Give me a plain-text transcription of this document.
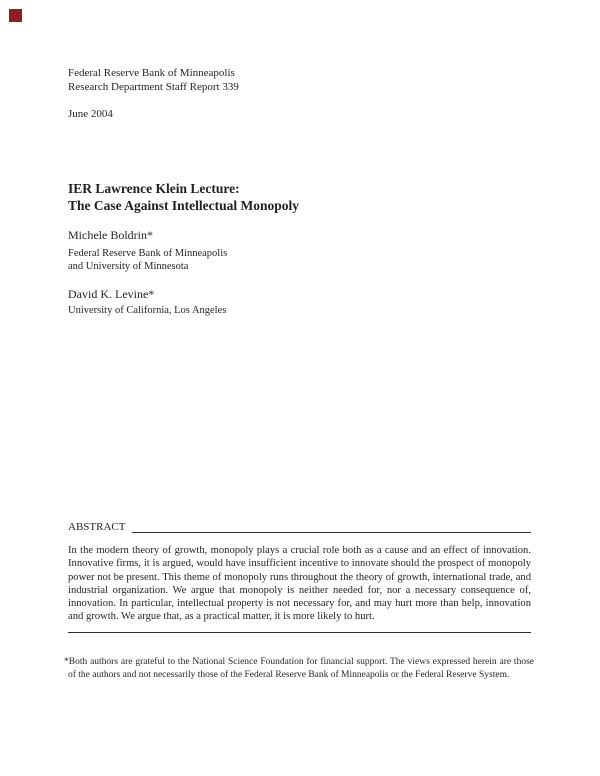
Federal Reserve Bank of Minneapolis
Research Department Staff Report 339
June 2004
IER Lawrence Klein Lecture:
The Case Against Intellectual Monopoly
Michele Boldrin*
Federal Reserve Bank of Minneapolis
and University of Minnesota
David K. Levine*
University of California, Los Angeles
ABSTRACT
In the modern theory of growth, monopoly plays a crucial role both as a cause and an effect of innovation. Innovative firms, it is argued, would have insufficient incentive to innovate should the prospect of monopoly power not be present. This theme of monopoly runs throughout the theory of growth, international trade, and industrial organization. We argue that monopoly is neither needed for, nor a necessary consequence of, innovation. In particular, intellectual property is not necessary for, and may hurt more than help, innovation and growth. We argue that, as a practical matter, it is more likely to hurt.
*Both authors are grateful to the National Science Foundation for financial support. The views expressed herein are those of the authors and not necessarily those of the Federal Reserve Bank of Minneapolis or the Federal Reserve System.
